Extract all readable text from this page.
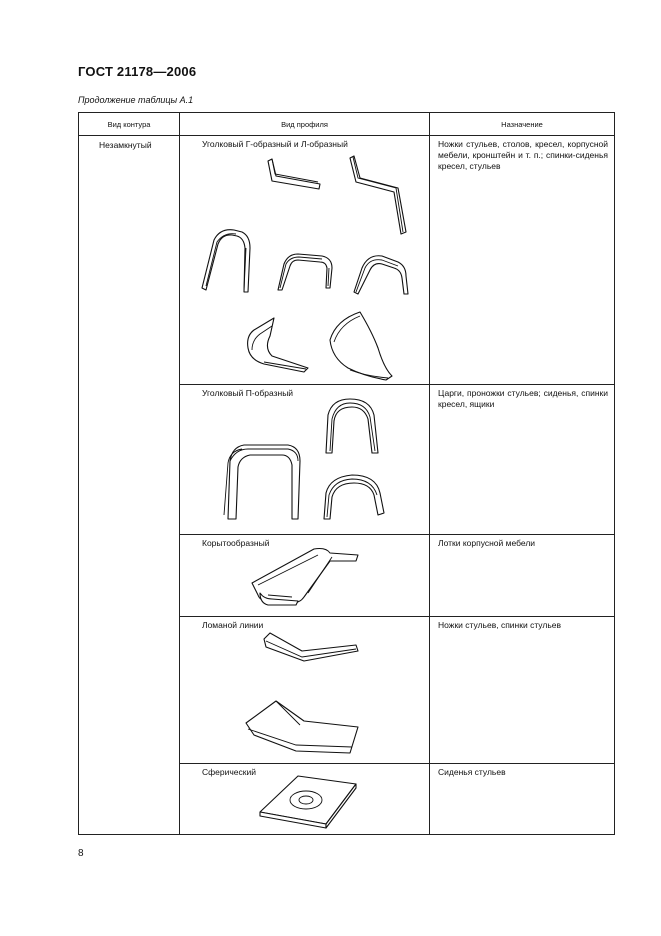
ГОСТ 21178—2006
Продолжение таблицы А.1
Вид контура	Вид профиля	Назначение
Незамкнутый	Уголковый Г-образный и Л-образный	Ножки стульев, столов, кресел, корпусной мебели, кронштейн и т. п.; спинки-сиденья кресел, стульев

	Уголковый П-образный	Царги, проножки стульев; сиденья, спинки кресел, ящики

	Корытообразный	Лотки корпусной мебели

	Ломаной линии	Ножки стульев, спинки стульев

	Сферический	Сиденья стульев
8
